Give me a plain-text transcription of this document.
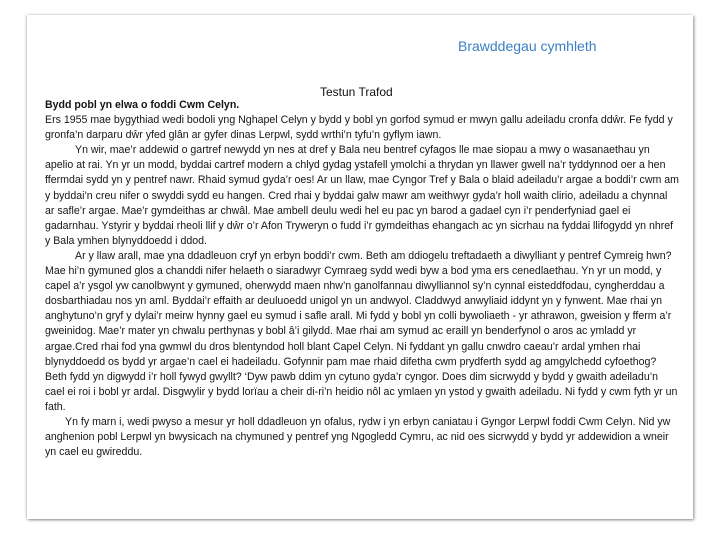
Brawddegau cymhleth
Testun Trafod

Bydd pobl yn elwa o foddi Cwm Celyn.

Ers 1955 mae bygythiad wedi bodoli yng Nghapel Celyn y bydd y bobl yn gorfod symud er mwyn gallu adeiladu cronfa ddŵr. Fe fydd y gronfa’n darparu dŵr yfed glân ar gyfer dinas Lerpwl, sydd wrthi’n tyfu’n gyflym iawn.

Yn wir, mae’r addewid o gartref newydd yn nes at dref y Bala neu bentref cyfagos lle mae siopau a mwy o wasanaethau yn apelio at rai. Yn yr un modd, byddai cartref modern a chlyd gydag ystafell ymolchi a thrydan yn llawer gwell na’r tyddynnod oer a hen ffermdai sydd yn y pentref nawr. Rhaid symud gyda’r oes! Ar un llaw, mae Cyngor Tref y Bala o blaid adeiladu’r argae a boddi’r cwm am y byddai’n creu nifer o swyddi sydd eu hangen. Cred rhai y byddai galw mawr am weithwyr gyda’r holl waith clirio, adeiladu a chynnal ar safle’r argae. Mae’r gymdeithas ar chwâl. Mae ambell deulu wedi hel eu pac yn barod a gadael cyn i’r penderfyniad gael ei gadarnhau. Ystyrir y byddai rheoli llif y dŵr o’r Afon Tryweryn o fudd i’r gymdeithas ehangach ac yn sicrhau na fyddai llifogydd yn nhref y Bala ymhen blynyddoedd i ddod.

Ar y llaw arall, mae yna ddadleuon cryf yn erbyn boddi’r cwm. Beth am ddiogelu treftadaeth a diwylliant y pentref Cymreig hwn? Mae hi’n gymuned glos a chanddi nifer helaeth o siaradwyr Cymraeg sydd wedi byw a bod yma ers cenedlaethau. Yn yr un modd, y capel a’r ysgol yw canolbwynt y gymuned, oherwydd maen nhw’n ganolfannau diwylliannol sy’n cynnal eisteddfodau, cyngherddau a dosbarthiadau nos yn aml. Byddai’r effaith ar deuluoedd unigol yn un andwyol. Claddwyd anwyliaid iddynt yn y fynwent. Mae rhai yn anghytuno’n gryf y dylai’r meirw hynny gael eu symud i safle arall. Mi fydd y bobl yn colli bywoliaeth - yr athrawon, gweision y fferm a’r gweinidog. Mae’r mater yn chwalu perthynas y bobl â’i gilydd. Mae rhai am symud ac eraill yn benderfynol o aros ac ymladd yr argae.Cred rhai fod yna gwmwl du dros blentyndod holl blant Capel Celyn. Ni fyddant yn gallu cnwdro caeau’r ardal ymhen rhai blynyddoedd os bydd yr argae’n cael ei hadeiladu. Gofynnir pam mae rhaid difetha cwm prydferth sydd ag amgylchedd cyfoethog? Beth fydd yn digwydd i’r holl fywyd gwyllt? ‘Dyw pawb ddim yn cytuno gyda’r cyngor. Does dim sicrwydd y bydd y gwaith adeiladu’n cael ei roi i bobl yr ardal. Disgwylir y bydd lorïau a cheir di-ri’n heidio nôl ac ymlaen yn ystod y gwaith adeiladu. Ni fydd y cwm fyth yr un fath.

Yn fy marn i, wedi pwyso a mesur yr holl ddadleuon yn ofalus, rydw i yn erbyn caniatau i Gyngor Lerpwl foddi Cwm Celyn. Nid yw anghenion pobl Lerpwl yn bwysicach na chymuned y pentref yng Ngogledd Cymru, ac nid oes sicrwydd y bydd yr addewidion a wneir yn cael eu gwireddu.
